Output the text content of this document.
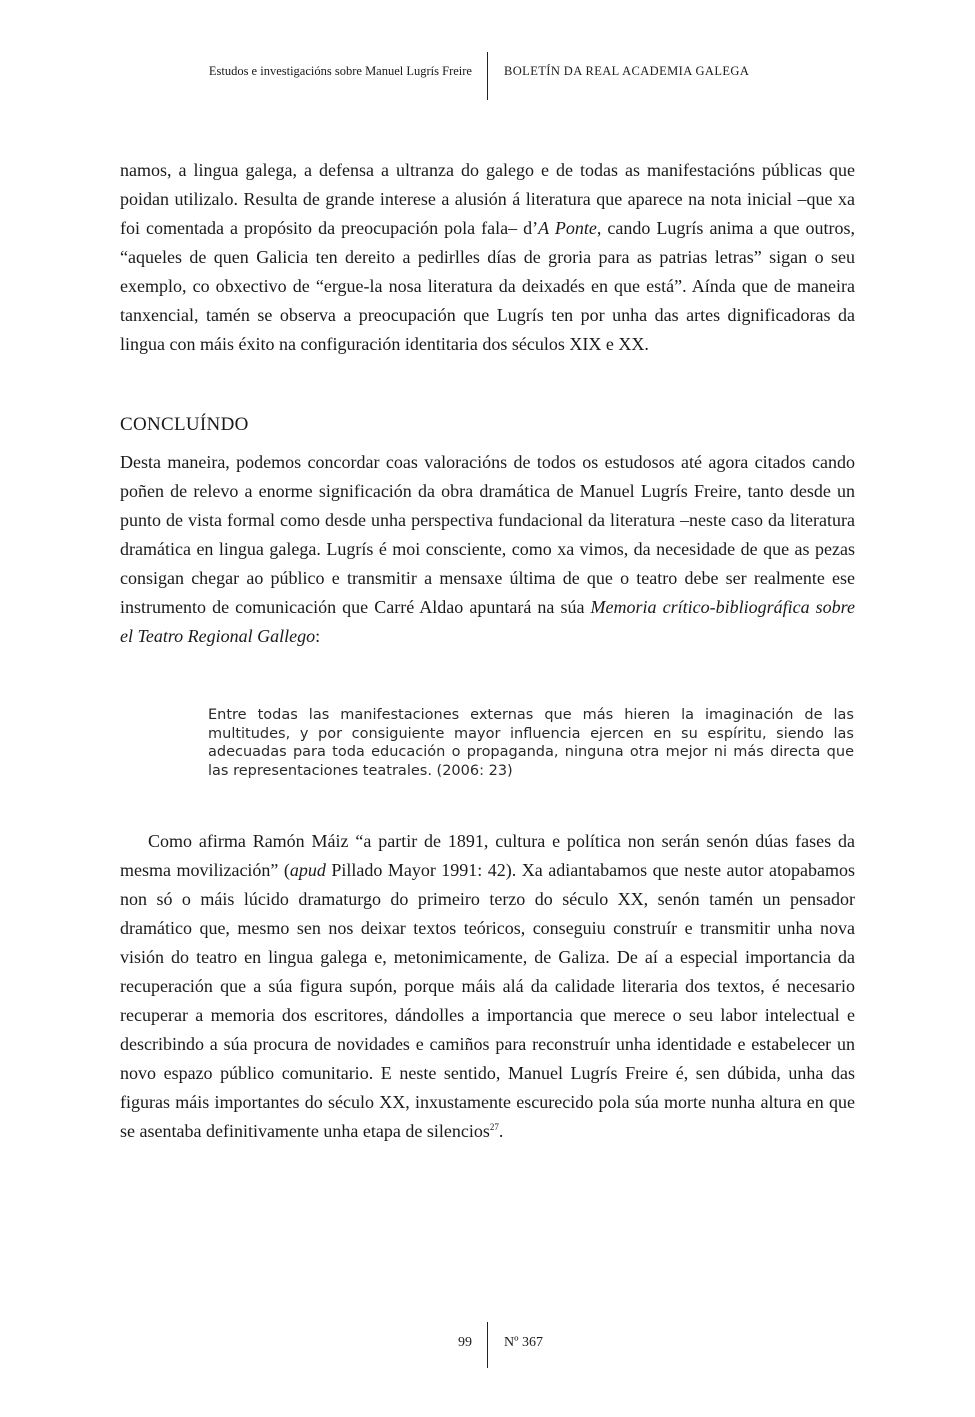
Estudos e investigacións sobre Manuel Lugrís Freire	BOLETÍN DA REAL ACADEMIA GALEGA

namos, a lingua galega, a defensa a ultranza do galego e de todas as manifestacións públicas que poidan utilizalo. Resulta de grande interese a alusión á literatura que aparece na nota inicial –que xa foi comentada a propósito da preocupación pola fala– d’A Ponte, cando Lugrís anima a que outros, “aqueles de quen Galicia ten dereito a pedirlles días de groria para as patrias letras” sigan o seu exemplo, co obxectivo de “ergue-la nosa literatura da deixadés en que está”. Aínda que de maneira tanxencial, tamén se observa a preocupación que Lugrís ten por unha das artes dignificadoras da lingua con máis éxito na configuración identitaria dos séculos XIX e XX.

CONCLUÍNDO

Desta maneira, podemos concordar coas valoracións de todos os estudosos até agora citados cando poñen de relevo a enorme significación da obra dramática de Manuel Lugrís Freire, tanto desde un punto de vista formal como desde unha perspectiva fundacional da literatura –neste caso da literatura dramática en lingua galega. Lugrís é moi consciente, como xa vimos, da necesidade de que as pezas consigan chegar ao público e transmitir a mensaxe última de que o teatro debe ser realmente ese instrumento de comunicación que Carré Aldao apuntará na súa Memoria crítico-bibliográfica sobre el Teatro Regional Gallego:

Entre todas las manifestaciones externas que más hieren la imaginación de las multitudes, y por consiguiente mayor influencia ejercen en su espíritu, siendo las adecuadas para toda educación o propaganda, ninguna otra mejor ni más directa que las representaciones teatrales. (2006: 23)

Como afirma Ramón Máiz “a partir de 1891, cultura e política non serán senón dúas fases da mesma movilización” (apud Pillado Mayor 1991: 42). Xa adiantabamos que neste autor atopabamos non só o máis lúcido dramaturgo do primeiro terzo do século XX, senón tamén un pensador dramático que, mesmo sen nos deixar textos teóricos, conseguiu construír e transmitir unha nova visión do teatro en lingua galega e, metonimicamente, de Galiza. De aí a especial importancia da recuperación que a súa figura supón, porque máis alá da calidade literaria dos textos, é necesario recuperar a memoria dos escritores, dándolles a importancia que merece o seu labor intelectual e describindo a súa procura de novidades e camiños para reconstruír unha identidade e estabelecer un novo espazo público comunitario. E neste sentido, Manuel Lugrís Freire é, sen dúbida, unha das figuras máis importantes do século XX, inxustamente escurecido pola súa morte nunha altura en que se asentaba definitivamente unha etapa de silencios$^{27}$.

99 Nº 367
